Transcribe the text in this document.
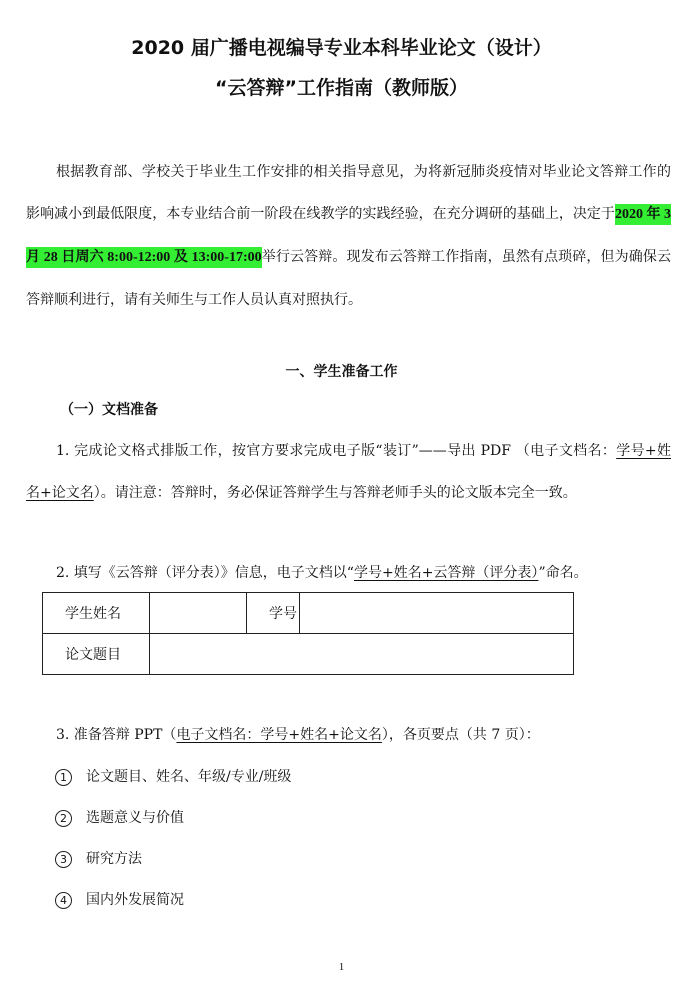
2020 届广播电视编导专业本科毕业论文（设计）
“云答辩”工作指南（教师版）
根据教育部、学校关于毕业生工作安排的相关指导意见，为将新冠肺炎疫情对毕业论文答辩工作的影响减小到最低限度，本专业结合前一阶段在线教学的实践经验，在充分调研的基础上，决定于2020 年 3 月 28 日周六 8:00-12:00 及 13:00-17:00举行云答辩。现发布云答辩工作指南，虽然有点琐碎，但为确保云答辩顺利进行，请有关师生与工作人员认真对照执行。
一、学生准备工作
（一）文档准备
1. 完成论文格式排版工作，按官方要求完成电子版“装订”——导出 PDF （电子文档名：学号+姓名+论文名）。请注意：答辩时，务必保证答辩学生与答辩老师手头的论文版本完全一致。
2. 填写《云答辩（评分表）》信息，电子文档以“学号+姓名+云答辩（评分表）”命名。
学生姓名		学号	
论文题目			
3. 准备答辩 PPT（电子文档名：学号+姓名+论文名），各页要点（共 7 页）：
1 论文题目、姓名、年级/专业/班级
2 选题意义与价值
3 研究方法
4 国内外发展简况
1
